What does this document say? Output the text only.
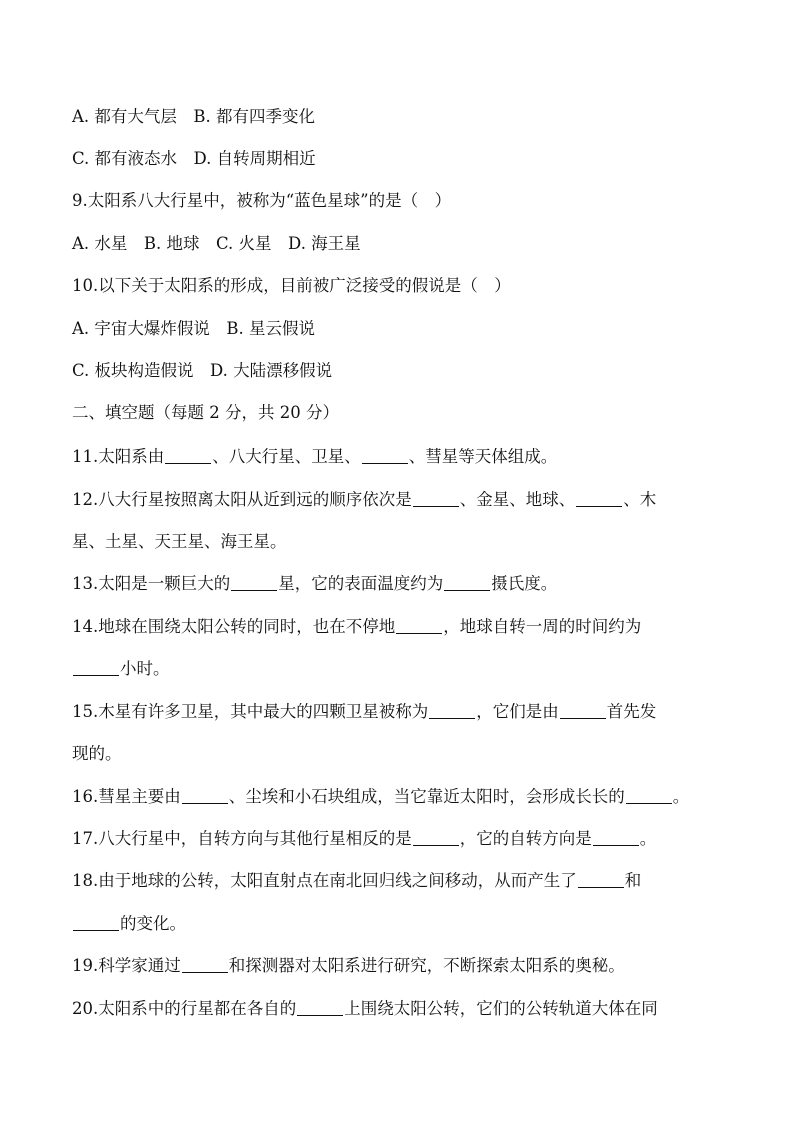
A. 都有大气层　B. 都有四季变化
C. 都有液态水　D. 自转周期相近
9.太阳系八大行星中，被称为“蓝色星球”的是（　）
A. 水星　B. 地球　C. 火星　D. 海王星
10.以下关于太阳系的形成，目前被广泛接受的假说是（　）
A. 宇宙大爆炸假说　B. 星云假说
C. 板块构造假说　D. 大陆漂移假说
二、填空题（每题 2 分，共 20 分）
11.太阳系由	、八大行星、卫星、	、彗星等天体组成。
12.八大行星按照离太阳从近到远的顺序依次是	、金星、地球、	、木
星、土星、天王星、海王星。
13.太阳是一颗巨大的	星，它的表面温度约为	摄氏度。
14.地球在围绕太阳公转的同时，也在不停地	，地球自转一周的时间约为
小时。
15.木星有许多卫星，其中最大的四颗卫星被称为	，它们是由	首先发
现的。
16.彗星主要由	、尘埃和小石块组成，当它靠近太阳时，会形成长长的	。
17.八大行星中，自转方向与其他行星相反的是	，它的自转方向是	。
18.由于地球的公转，太阳直射点在南北回归线之间移动，从而产生了	和
的变化。
19.科学家通过	和探测器对太阳系进行研究，不断探索太阳系的奥秘。
20.太阳系中的行星都在各自的	上围绕太阳公转，它们的公转轨道大体在同
